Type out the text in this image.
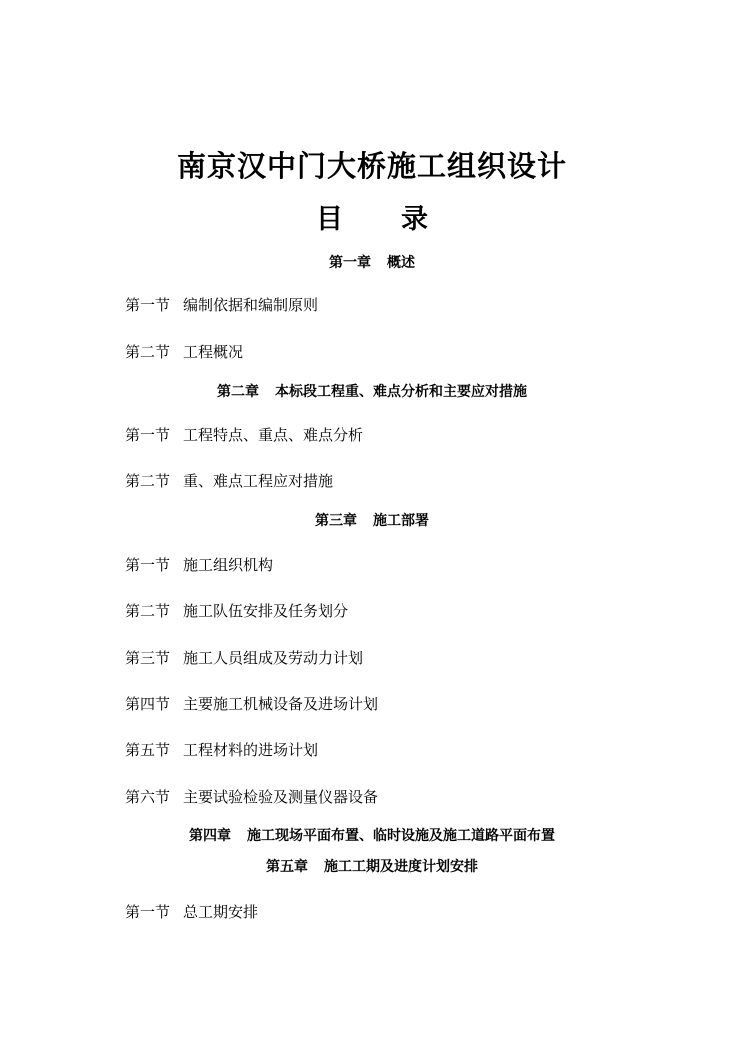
南京汉中门大桥施工组织设计
目 录
第一章 概述
第一节 编制依据和编制原则
第二节 工程概况
第二章 本标段工程重、难点分析和主要应对措施
第一节 工程特点、重点、难点分析
第二节 重、难点工程应对措施
第三章 施工部署
第一节 施工组织机构
第二节 施工队伍安排及任务划分
第三节 施工人员组成及劳动力计划
第四节 主要施工机械设备及进场计划
第五节 工程材料的进场计划
第六节 主要试验检验及测量仪器设备
第四章 施工现场平面布置、临时设施及施工道路平面布置
第五章 施工工期及进度计划安排
第一节 总工期安排
